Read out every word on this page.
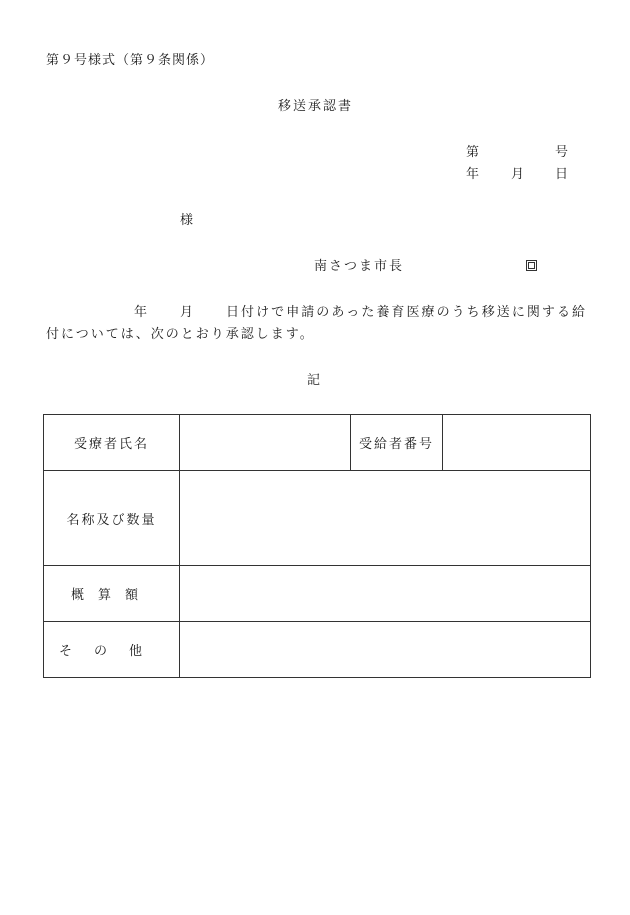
第９号様式（第９条関係）
移送承認書
第	号
年 月 日
様
南さつま市長
年	月	日付けで申請のあった養育医療のうち移送に関する給
付については、次のとおり承認します。
記
受療者氏名		受給者番号	
名称及び数量			
概算額			
その他			
